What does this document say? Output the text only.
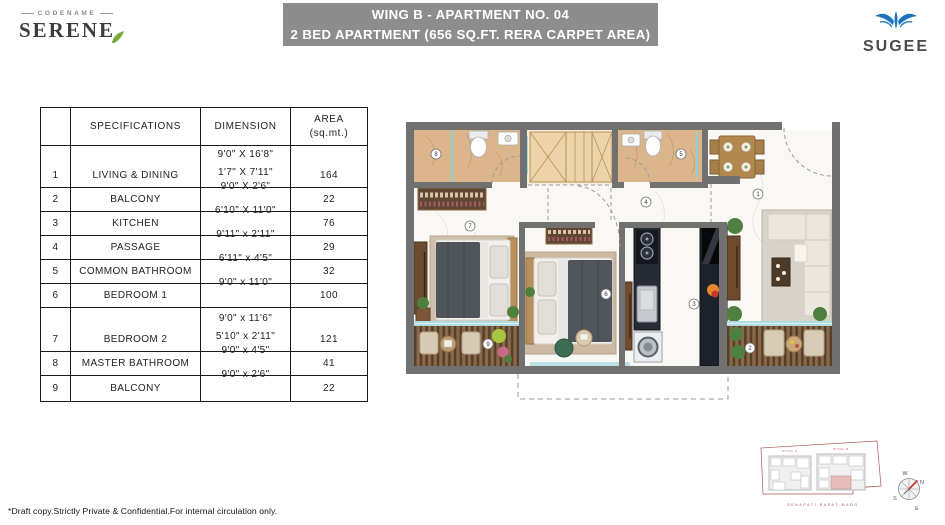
CODENAME
SERENE
WING B - APARTMENT NO. 04
2 BED APARTMENT (656 SQ.FT. RERA CARPET AREA)
SUGEE
	SPECIFICATIONS	DIMENSION	AREA
(sq.mt.)

1	LIVING & DINING	9'0" X 16'8"
1'7" X 7'11"	164
2	BALCONY	9'0" X 2'6"	22
3	KITCHEN	6'10" X 11'0"	76
4	PASSAGE	9'11" x 2'11"	29
5	COMMON BATHROOM	6'11" x 4'5"	32
6	BEDROOM 1	9'0" x 11'0"	100
7	BEDROOM 2	9'0" x 11'6"
5'10" x 2'11"	121
8	MASTER BATHROOM	9'0" x 4'5"	41
9	BALCONY	9'0" x 2'6"	22
1
2
3
4
5
6
7
8
9
WING A	WING B
SENAPATI BAPAT MARG
W
N
S
E
*Draft copy.Strictly Private & Confidential.For internal circulation only.
